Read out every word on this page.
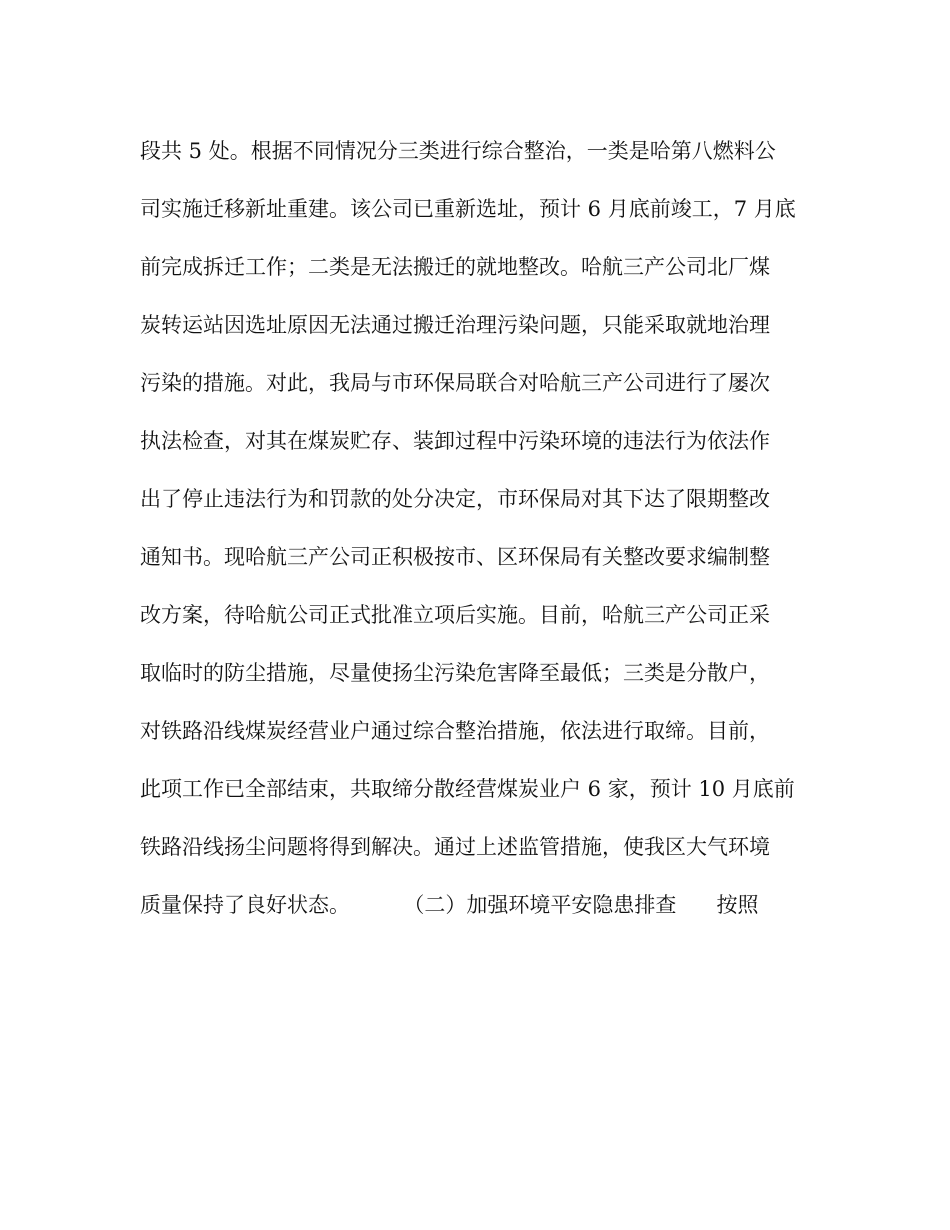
段共 5 处。根据不同情况分三类进行综合整治，一类是哈第八燃料公

司实施迁移新址重建。该公司已重新选址，预计 6 月底前竣工，7 月底

前完成拆迁工作；二类是无法搬迁的就地整改。哈航三产公司北厂煤

炭转运站因选址原因无法通过搬迁治理污染问题，只能采取就地治理

污染的措施。对此，我局与市环保局联合对哈航三产公司进行了屡次

执法检查，对其在煤炭贮存、装卸过程中污染环境的违法行为依法作

出了停止违法行为和罚款的处分决定，市环保局对其下达了限期整改

通知书。现哈航三产公司正积极按市、区环保局有关整改要求编制整

改方案，待哈航公司正式批准立项后实施。目前，哈航三产公司正采

取临时的防尘措施，尽量使扬尘污染危害降至最低；三类是分散户，

对铁路沿线煤炭经营业户通过综合整治措施，依法进行取缔。目前，

此项工作已全部结束，共取缔分散经营煤炭业户 6 家，预计 10 月底前

铁路沿线扬尘问题将得到解决。通过上述监管措施，使我区大气环境

质量保持了良好状态。        （二）加强环境平安隐患排查      按照
